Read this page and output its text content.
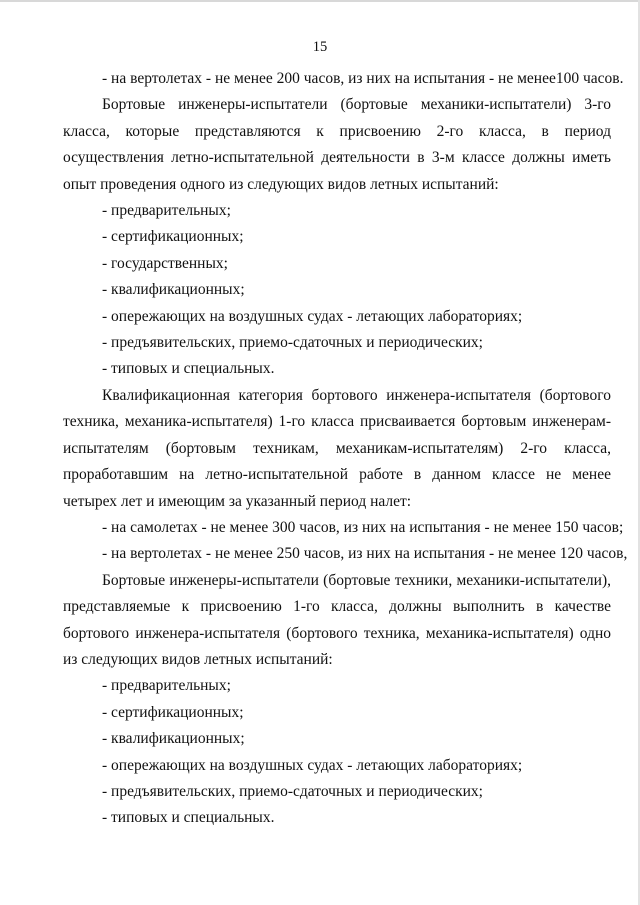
15

- на вертолетах - не менее 200 часов, из них на испытания - не менее100 часов.

Бортовые инженеры-испытатели (бортовые механики-испытатели) 3-го класса, которые представляются к присвоению 2-го класса, в период осуществления летно-испытательной деятельности в 3-м классе должны иметь опыт проведения одного из следующих видов летных испытаний:

- предварительных;

- сертификационных;

- государственных;

- квалификационных;

- опережающих на воздушных судах - летающих лабораториях;

- предъявительских, приемо-сдаточных и периодических;

- типовых и специальных.

Квалификационная категория бортового инженера-испытателя (бортового техника, механика-испытателя) 1-го класса присваивается бортовым инженерам-испытателям (бортовым техникам, механикам-испытателям) 2-го класса, проработавшим на летно-испытательной работе в данном классе не менее четырех лет и имеющим за указанный период налет:

- на самолетах - не менее 300 часов, из них на испытания - не менее 150 часов;

- на вертолетах - не менее 250 часов, из них на испытания - не менее 120 часов,

Бортовые инженеры-испытатели (бортовые техники, механики-испытатели), представляемые к присвоению 1-го класса, должны выполнить в качестве бортового инженера-испытателя (бортового техника, механика-испытателя) одно из следующих видов летных испытаний:

- предварительных;

- сертификационных;

- квалификационных;

- опережающих на воздушных судах - летающих лабораториях;

- предъявительских, приемо-сдаточных и периодических;

- типовых и специальных.
